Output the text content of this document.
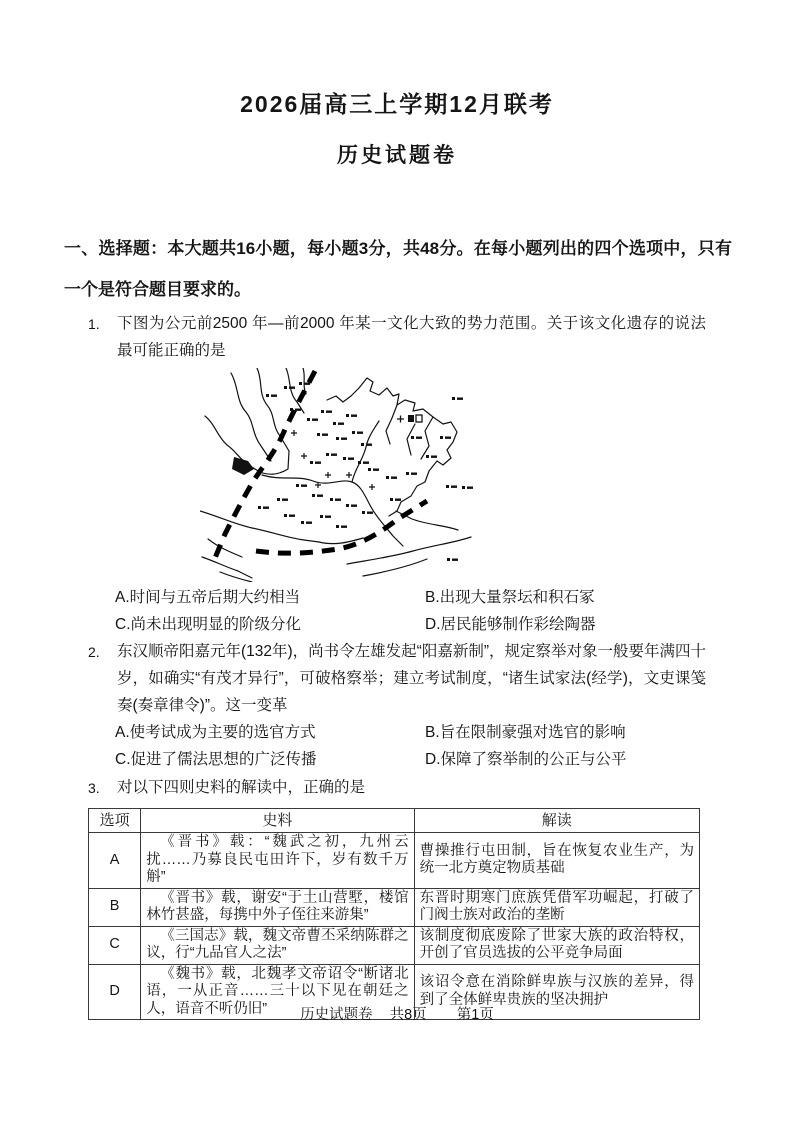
2026届高三上学期12月联考
历史试题卷

一、选择题：本大题共16小题，每小题3分，共48分。在每小题列出的四个选项中，只有一个是符合题目要求的。

1.	下图为公元前2500 年—前2000 年某一文化大致的势力范围。关于该文化遗存的说法最可能正确的是
A.时间与五帝后期大约相当	B.出现大量祭坛和积石冢
C.尚未出现明显的阶级分化	D.居民能够制作彩绘陶器
2.	东汉顺帝阳嘉元年(132年)，尚书令左雄发起“阳嘉新制”，规定察举对象一般要年满四十岁，如确实“有茂才异行”，可破格察举；建立考试制度，“诸生试家法(经学)，文吏课笺奏(奏章律令)”。这一变革
A.使考试成为主要的选官方式	B.旨在限制豪强对选官的影响
C.促进了儒法思想的广泛传播	D.保障了察举制的公正与公平
3.	对以下四则史料的解读中，正确的是
选项	史料	解读
A	《晋书》载：“魏武之初，九州云扰……乃募良民屯田许下，岁有数千万斛”	曹操推行屯田制，旨在恢复农业生产，为统一北方奠定物质基础
B	《晋书》载，谢安“于土山营墅，楼馆林竹甚盛，每携中外子侄往来游集”	东晋时期寒门庶族凭借军功崛起，打破了门阀士族对政治的垄断
C	《三国志》载，魏文帝曹丕采纳陈群之议，行“九品官人之法”	该制度彻底废除了世家大族的政治特权，开创了官员选拔的公平竞争局面
D	《魏书》载，北魏孝文帝诏令“断诸北语，一从正音……三十以下见在朝廷之人，语音不听仍旧”	该诏令意在消除鲜卑族与汉族的差异，得到了全体鲜卑贵族的坚决拥护
历史试题卷 共8页 第1页
